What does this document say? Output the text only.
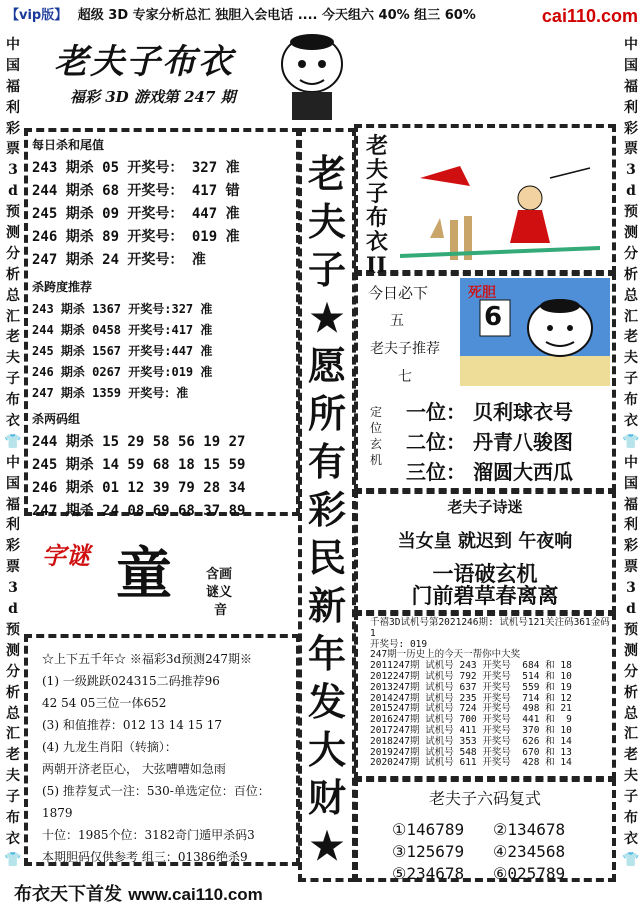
【vip版】 超级 3D 专家分析总汇 独胆入会电话 .... 今天组六 40% 组三 60%	cai110.com
中
国
福
利
彩
票
3
d
预
测
分
析
总
汇
老
夫
子
布
衣
👕
中
国
福
利
彩
票
3
d
预
测
分
析
总
汇
老
夫
子
布
衣
👕
中
国
福
利
彩
票
3
d
预
测
分
析
总
汇
老
夫
子
布
衣
👕
中
国
福
利
彩
票
3
d
预
测
分
析
总
汇
老
夫
子
布
衣
👕
老夫子布衣
福彩 3D 游戏第 247 期
每日杀和尾值
243 期杀 05 开奖号： 327 准
244 期杀 68 开奖号： 417 错
245 期杀 09 开奖号： 447 准
246 期杀 89 开奖号： 019 准
247 期杀 24 开奖号： 准
杀跨度推荐
243 期杀 1367 开奖号:327 准
244 期杀 0458 开奖号:417 准
245 期杀 1567 开奖号:447 准
246 期杀 0267 开奖号:019 准
247 期杀 1359 开奖号：准
杀两码组
244 期杀 15 29 58 56 19 27
245 期杀 14 59 68 18 15 59
246 期杀 01 12 39 79 28 34
247 期杀 24 08 69 68 37 89
字谜 童	含画
谜义
音
☆上下五千年☆ ※福彩3d预测247期※
(1) 一级跳跃024315二码推荐96
42 54 05三位一体652
(3) 和值推荐：012 13 14 15 17
(4) 九龙生肖阳（转摘）：
两朝开济老臣心， 大弦嘈嘈如急雨
(5) 推荐复式一注：530-单选定位：百位：1879
十位：1985个位：3182奇门遁甲杀码3
本期胆码仅供参考 组三：01386绝杀9
老
夫
子
★
愿
所
有
彩
民
新
年
发
大
财
★
老
夫
子
布
衣
II
今日必下
五
老夫子推荐
七
死胆
6
定
位
玄
机
一位： 贝利球衣号
二位： 丹青八骏图
三位： 溜圆大西瓜
老夫子诗迷
当女皇 就迟到 午夜响
一语破玄机
门前碧草春离离
千禧3D试机号第2021246期: 试机号121关注码361金码1
开奖号: 019
247期一历史上的今天一帮你中大奖
2011247期 试机号 243 开奖号  684 和 18
2012247期 试机号 792 开奖号  514 和 10
2013247期 试机号 637 开奖号  559 和 19
2014247期 试机号 235 开奖号  714 和 12
2015247期 试机号 724 开奖号  498 和 21
2016247期 试机号 700 开奖号  441 和  9
2017247期 试机号 411 开奖号  370 和 10
2018247期 试机号 353 开奖号  626 和 14
2019247期 试机号 548 开奖号  670 和 13
2020247期 试机号 611 开奖号  428 和 14
老夫子六码复式
①146789	②134678
③125679	④234568
⑤234678	⑥025789
布衣天下首发 www.cai110.com
